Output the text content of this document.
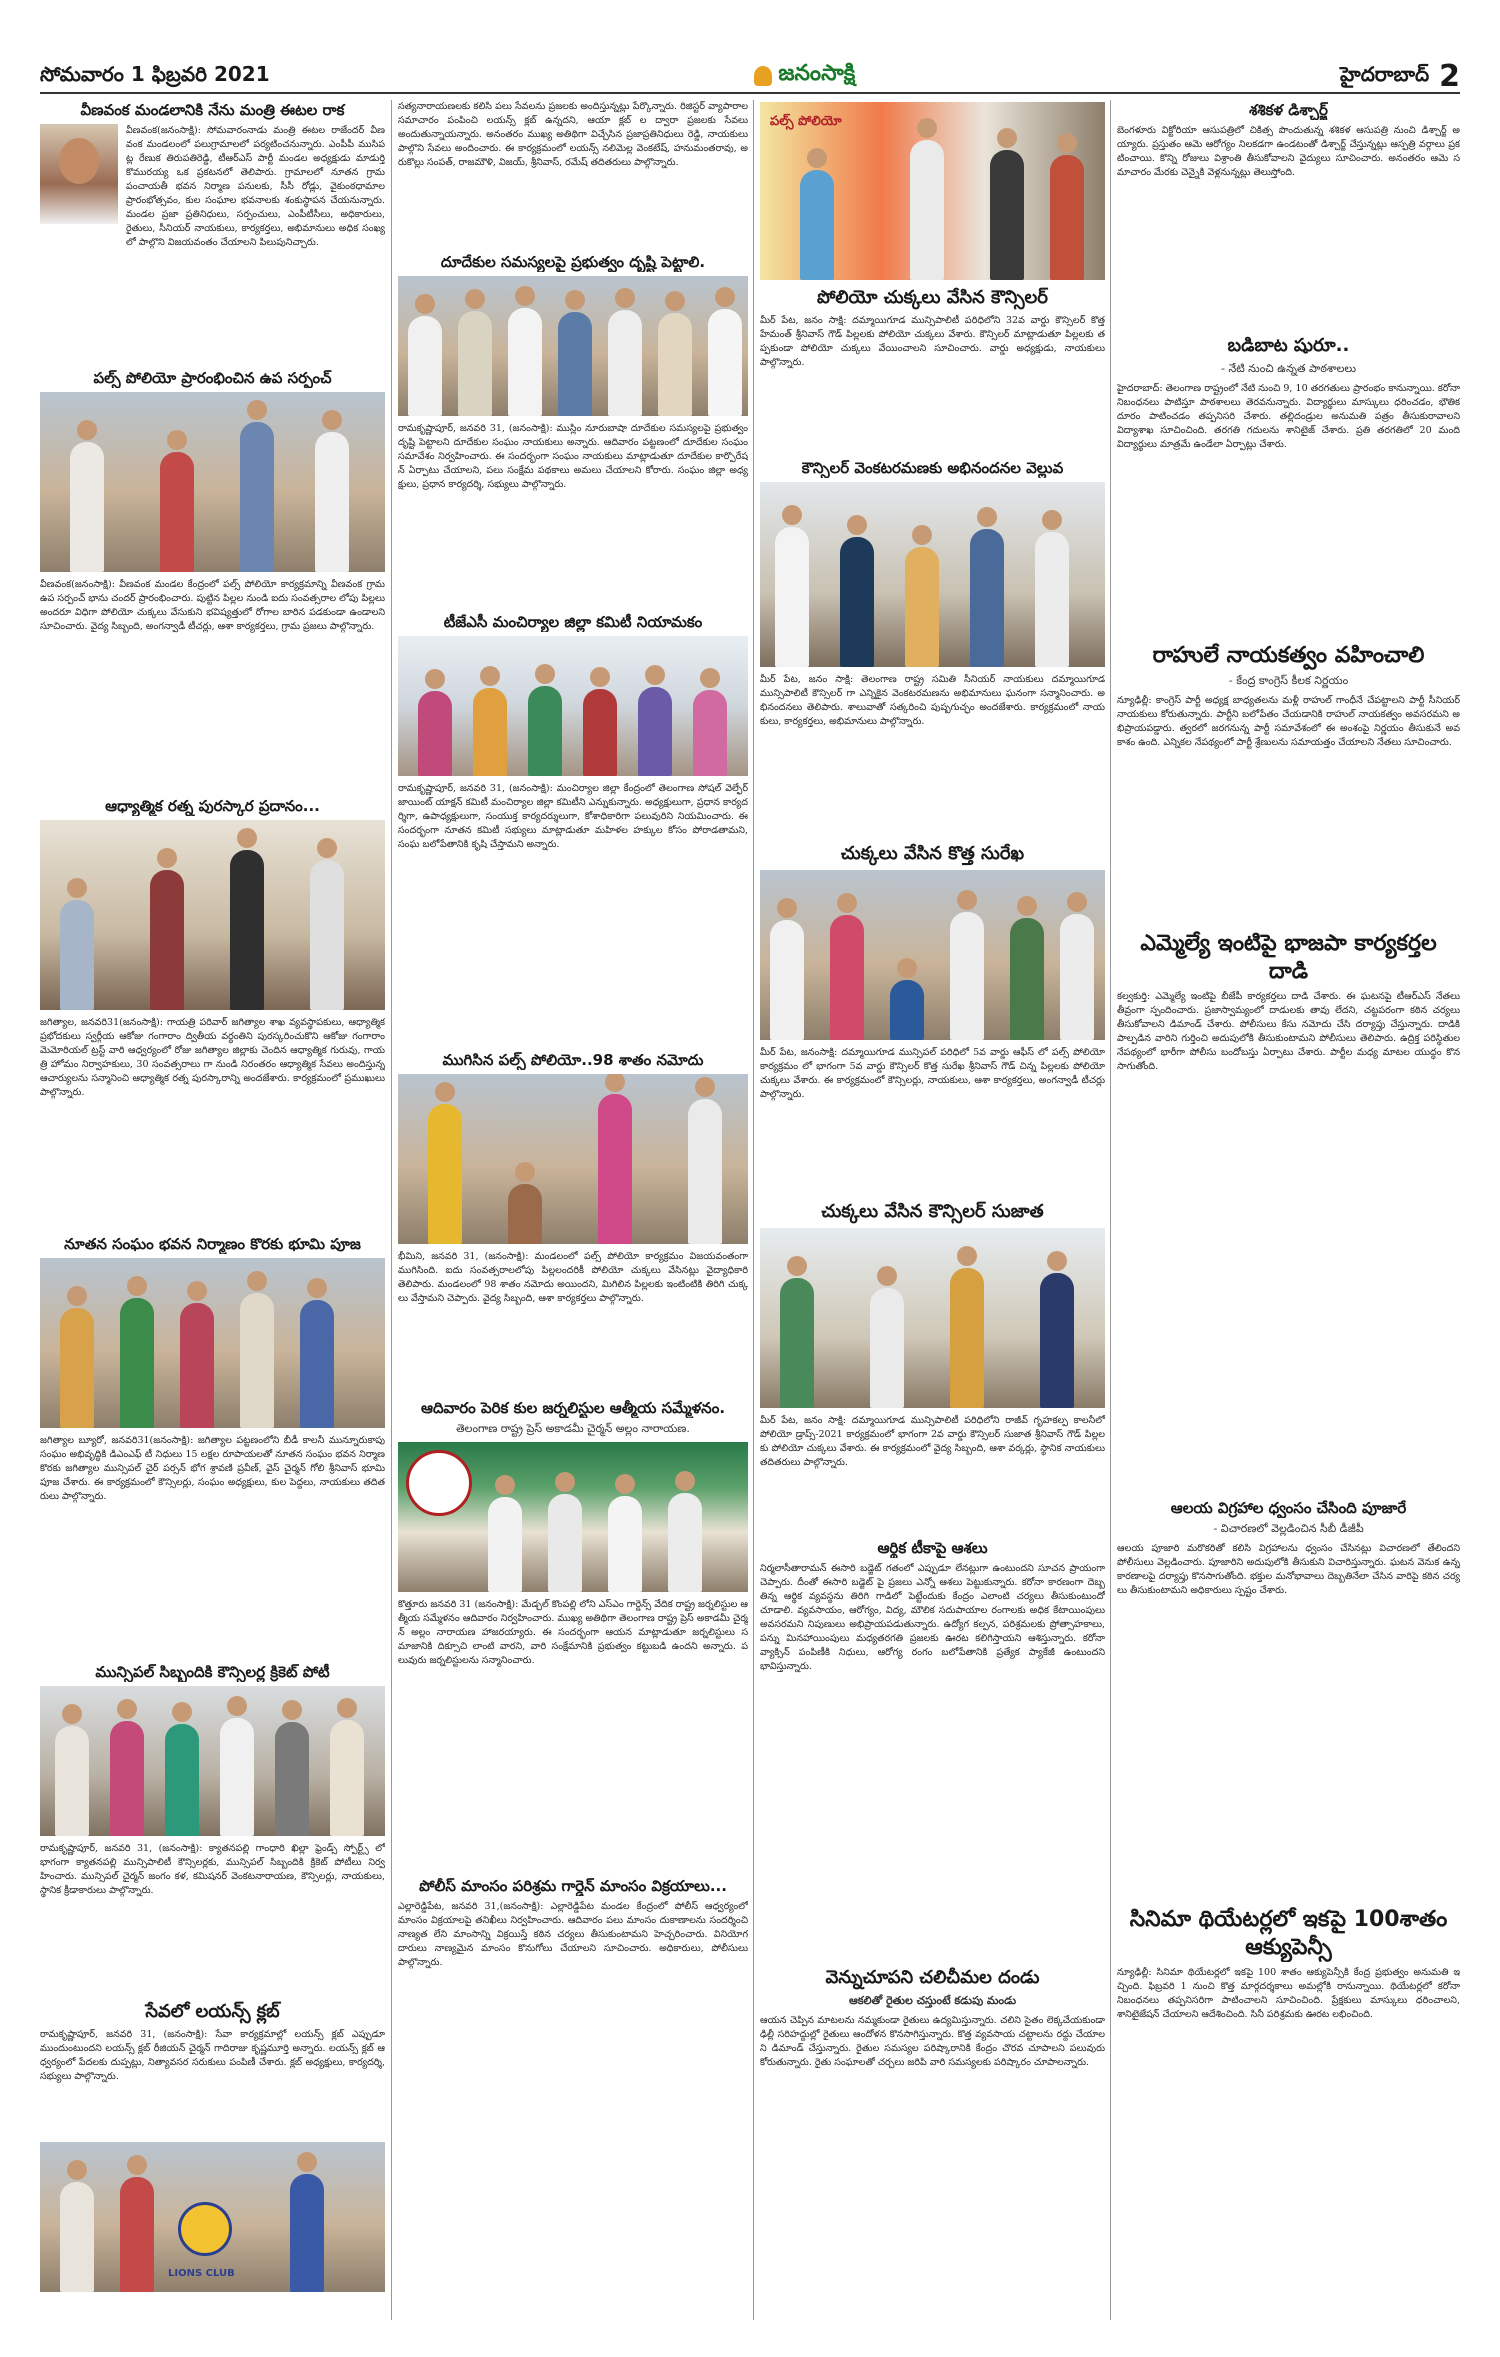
సోమవారం 1 ఫిబ్రవరి 2021	జనంసాక్షి	హైదరాబాద్ 2
వీణవంక మండలానికి నేను మంత్రి ఈటల రాక

వీణవంక(జనంసాక్షి): సోమవారంనాడు మంత్రి ఈటల రాజేందర్ వీణవంక మండలంలో పలుగ్రామాలలో పర్యటించనున్నారు. ఎంపీపీ ముసిపట్ల రేణుక తిరుపతిరెడ్డి, టీఆర్ఎస్ పార్టీ మండల అధ్యక్షుడు మాడుర్తి కొమురయ్య ఒక ప్రకటనలో తెలిపారు. గ్రామాలలో నూతన గ్రామపంచాయతీ భవన నిర్మాణ పనులకు, సీసీ రోడ్లు, వైకుంఠధామాల ప్రారంభోత్సవం, కుల సంఘాల భవనాలకు శంకుస్థాపన చేయనున్నారు. మండల ప్రజా ప్రతినిధులు, సర్పంచులు, ఎంపీటీసీలు, అధికారులు, రైతులు, సీనియర్ నాయకులు, కార్యకర్తలు, అభిమానులు అధిక సంఖ్యలో పాల్గొని విజయవంతం చేయాలని పిలుపునిచ్చారు.

పల్స్ పోలియో ప్రారంభించిన ఉప సర్పంచ్

వీణవంక(జనంసాక్షి): వీణవంక మండల కేంద్రంలో పల్స్ పోలియో కార్యక్రమాన్ని వీణవంక గ్రామ ఉప సర్పంచ్ భాను చందర్ ప్రారంభించారు. పుట్టిన పిల్లల నుండి ఐదు సంవత్సరాల లోపు పిల్లలు అందరూ విధిగా పోలియో చుక్కలు వేసుకుని భవిష్యత్తులో రోగాల బారిన పడకుండా ఉండాలని సూచించారు. వైద్య సిబ్బంది, అంగన్వాడీ టీచర్లు, ఆశా కార్యకర్తలు, గ్రామ ప్రజలు పాల్గొన్నారు.

ఆధ్యాత్మిక రత్న పురస్కార ప్రదానం...

జగిత్యాల, జనవరి31(జనంసాక్షి): గాయత్రి పరివార్ జగిత్యాల శాఖ వ్యవస్థాపకులు, ఆధ్యాత్మిక ప్రభోదకులు స్వర్గీయ ఆకోజు గంగారాం ద్వితీయ వర్ధంతిని పురస్కరించుకొని ఆకోజు గంగారాం మెమోరియల్ ట్రస్ట్ వారి ఆధ్వర్యంలో రోజు జగిత్యాల జిల్లాకు చెందిన ఆధ్యాత్మిక గురువు, గాయత్రి హోమం నిర్వాహకులు, 30 సంవత్సరాలు గా నుండి నిరంతరం ఆధ్యాత్మిక సేవలు అందిస్తున్న ఆచార్యులను సన్మానించి ఆధ్యాత్మిక రత్న పురస్కారాన్ని అందజేశారు. కార్యక్రమంలో ప్రముఖులు పాల్గొన్నారు.

నూతన సంఘం భవన నిర్మాణం కొరకు భూమి పూజ

జగిత్యాల బ్యూరో, జనవరి31(జనంసాక్షి): జగిత్యాల పట్టణంలోని బీడీ కాలనీ మున్నూరుకాపు సంఘం అభివృద్ధికి డిఎంఎఫ్ టీ నిధులు 15 లక్షల రూపాయలతో నూతన సంఘం భవన నిర్మాణ కొరకు జగిత్యాల మున్సిపల్ చైర్ పర్సన్ భోగ శ్రావణి ప్రవీణ్, వైస్ చైర్మన్ గోలి శ్రీనివాస్ భూమి పూజ చేశారు. ఈ కార్యక్రమంలో కౌన్సిలర్లు, సంఘం అధ్యక్షులు, కుల పెద్దలు, నాయకులు తదితరులు పాల్గొన్నారు.

మున్సిపల్ సిబ్బందికి కౌన్సిలర్ల క్రికెట్ పోటీ

రామకృష్ణాపూర్, జనవరి 31, (జనంసాక్షి): క్యాతనపల్లి గాంధారి ఖిల్లా ఫ్రెండ్స్ స్పోర్ట్స్ లో భాగంగా క్యాతనపల్లి మున్సిపాలిటీ కౌన్సిలర్లకు, మున్సిపల్ సిబ్బందికి క్రికెట్ పోటీలు నిర్వహించారు. మున్సిపల్ చైర్మన్ జంగం కళ, కమిషనర్ వెంకటనారాయణ, కౌన్సిలర్లు, నాయకులు, స్థానిక క్రీడాకారులు పాల్గొన్నారు.

సేవలో లయన్స్ క్లబ్

రామకృష్ణాపూర్, జనవరి 31, (జనంసాక్షి): సేవా కార్యక్రమాల్లో లయన్స్ క్లబ్ ఎప్పుడూ ముందుంటుందని లయన్స్ క్లబ్ రీజియన్ చైర్మన్ గాదిరాజు కృష్ణమూర్తి అన్నారు. లయన్స్ క్లబ్ ఆధ్వర్యంలో పేదలకు దుప్పట్లు, నిత్యావసర సరుకులు పంపిణీ చేశారు. క్లబ్ అధ్యక్షులు, కార్యదర్శి, సభ్యులు పాల్గొన్నారు.

LIONS CLUB

సత్యనారాయణలకు కలిసి పలు సేవలను ప్రజలకు అందిస్తున్నట్లు పేర్కొన్నారు. రిజిస్టర్ వ్యాపారాల సమాచారం పంపించి లయన్స్ క్లబ్ ఉన్నదని, ఆయా క్లబ్ ల ద్వారా ప్రజలకు సేవలు అందుతున్నాయన్నారు. అనంతరం ముఖ్య అతిథిగా విచ్చేసిన ప్రజాప్రతినిధులు రెడ్డి, నాయకులు పాల్గొని సేవలు అందించారు. ఈ కార్యక్రమంలో లయన్స్ నలిమెల్ల వెంకటేష్, హనుమంతరావు, అరుకొల్లు సంపత్, రాజమౌళి, విజయ్, శ్రీనివాస్, రమేష్ తదితరులు పాల్గొన్నారు.

దూదేకుల సమస్యలపై ప్రభుత్వం దృష్టి పెట్టాలి.

రామకృష్ణాపూర్, జనవరి 31, (జనంసాక్షి): ముస్లిం నూరుబాషా దూదేకుల సమస్యలపై ప్రభుత్వం దృష్టి పెట్టాలని దూదేకుల సంఘం నాయకులు అన్నారు. ఆదివారం పట్టణంలో దూదేకుల సంఘం సమావేశం నిర్వహించారు. ఈ సందర్భంగా సంఘం నాయకులు మాట్లాడుతూ దూదేకుల కార్పొరేషన్ ఏర్పాటు చేయాలని, పలు సంక్షేమ పథకాలు అమలు చేయాలని కోరారు. సంఘం జిల్లా అధ్యక్షులు, ప్రధాన కార్యదర్శి, సభ్యులు పాల్గొన్నారు.

టీజేఎసీ మంచిర్యాల జిల్లా కమిటీ నియామకం

రామకృష్ణాపూర్, జనవరి 31, (జనంసాక్షి): మంచిర్యాల జిల్లా కేంద్రంలో తెలంగాణ సోషల్ వెల్ఫేర్ జాయింట్ యాక్షన్ కమిటీ మంచిర్యాల జిల్లా కమిటీని ఎన్నుకున్నారు. అధ్యక్షులుగా, ప్రధాన కార్యదర్శిగా, ఉపాధ్యక్షులుగా, సంయుక్త కార్యదర్శులుగా, కోశాధికారిగా పలువురిని నియమించారు. ఈ సందర్భంగా నూతన కమిటీ సభ్యులు మాట్లాడుతూ మహిళల హక్కుల కోసం పోరాడతామని, సంఘ బలోపేతానికి కృషి చేస్తామని అన్నారు.

ముగిసిన పల్స్ పోలియో..98 శాతం నమోదు

భీమిని, జనవరి 31, (జనంసాక్షి): మండలంలో పల్స్ పోలియో కార్యక్రమం విజయవంతంగా ముగిసింది. ఐదు సంవత్సరాలలోపు పిల్లలందరికీ పోలియో చుక్కలు వేసినట్లు వైద్యాధికారి తెలిపారు. మండలంలో 98 శాతం నమోదు అయిందని, మిగిలిన పిల్లలకు ఇంటింటికి తిరిగి చుక్కలు వేస్తామని చెప్పారు. వైద్య సిబ్బంది, ఆశా కార్యకర్తలు పాల్గొన్నారు.

ఆదివారం పెరిక కుల జర్నలిస్టుల ఆత్మీయ సమ్మేళనం.

తెలంగాణ రాష్ట్ర ప్రెస్ అకాడమీ చైర్మన్ అల్లం నారాయణ.

కొత్తూరు జనవరి 31 (జనంసాక్షి): మేడ్చల్ కొంపల్లి లోని ఎస్ఎం గార్డెన్స్ వేదిక రాష్ట్ర జర్నలిస్టుల ఆత్మీయ సమ్మేళనం ఆదివారం నిర్వహించారు. ముఖ్య అతిథిగా తెలంగాణ రాష్ట్ర ప్రెస్ అకాడమీ చైర్మన్ అల్లం నారాయణ హాజరయ్యారు. ఈ సందర్భంగా ఆయన మాట్లాడుతూ జర్నలిస్టులు సమాజానికి దిక్సూచి లాంటి వారని, వారి సంక్షేమానికి ప్రభుత్వం కట్టుబడి ఉందని అన్నారు. పలువురు జర్నలిస్టులను సన్మానించారు.

పోలీస్ మాంసం పరిశ్రమ గార్డెన్ మాంసం విక్రయాలు...

ఎల్లారెడ్డిపేట, జనవరి 31,(జనంసాక్షి): ఎల్లారెడ్డిపేట మండల కేంద్రంలో పోలీస్ ఆధ్వర్యంలో మాంసం విక్రయాలపై తనిఖీలు నిర్వహించారు. ఆదివారం పలు మాంసం దుకాణాలను సందర్శించి నాణ్యత లేని మాంసాన్ని విక్రయిస్తే కఠిన చర్యలు తీసుకుంటామని హెచ్చరించారు. వినియోగదారులు నాణ్యమైన మాంసం కొనుగోలు చేయాలని సూచించారు. అధికారులు, పోలీసులు పాల్గొన్నారు.

పల్స్ పోలియో
పోలియో చుక్కలు వేసిన కౌన్సిలర్

మీర్ పేట, జనం సాక్షి: దమ్మాయిగూడ మున్సిపాలిటీ పరిధిలోని 32వ వార్డు కౌన్సిలర్ కొత్త హేమంత్ శ్రీనివాస్ గౌడ్ పిల్లలకు పోలియో చుక్కలు వేశారు. కౌన్సిలర్ మాట్లాడుతూ పిల్లలకు తప్పకుండా పోలియో చుక్కలు వేయించాలని సూచించారు. వార్డు అధ్యక్షుడు, నాయకులు పాల్గొన్నారు.

కౌన్సిలర్ వెంకటరమణకు అభినందనల వెల్లువ

మీర్ పేట, జనం సాక్షి: తెలంగాణ రాష్ట్ర సమితి సీనియర్ నాయకులు దమ్మాయిగూడ మున్సిపాలిటీ కౌన్సిలర్ గా ఎన్నికైన వెంకటరమణను అభిమానులు ఘనంగా సన్మానించారు. అభినందనలు తెలిపారు. శాలువాతో సత్కరించి పుష్పగుచ్ఛం అందజేశారు. కార్యక్రమంలో నాయకులు, కార్యకర్తలు, అభిమానులు పాల్గొన్నారు.

చుక్కలు వేసిన కొత్త సురేఖ

మీర్ పేట, జనంసాక్షి: దమ్మాయిగూడ మున్సిపల్ పరిధిలో 5వ వార్డు ఆఫీస్ లో పల్స్ పోలియో కార్యక్రమం లో భాగంగా 5వ వార్డు కౌన్సిలర్ కొత్త సురేఖ శ్రీనివాస్ గౌడ్ చిన్న పిల్లలకు పోలియో చుక్కలు వేశారు. ఈ కార్యక్రమంలో కౌన్సిలర్లు, నాయకులు, ఆశా కార్యకర్తలు, అంగన్వాడీ టీచర్లు పాల్గొన్నారు.

చుక్కలు వేసిన కౌన్సిలర్ సుజాత

మీర్ పేట, జనం సాక్షి: దమ్మాయిగూడ మున్సిపాలిటీ పరిధిలోని రాజీవ్ గృహకల్ప కాలనీలో పోలియో డ్రాప్స్-2021 కార్యక్రమంలో భాగంగా 2వ వార్డు కౌన్సిలర్ సుజాత శ్రీనివాస్ గౌడ్ పిల్లలకు పోలియో చుక్కలు వేశారు. ఈ కార్యక్రమంలో వైద్య సిబ్బంది, ఆశా వర్కర్లు, స్థానిక నాయకులు తదితరులు పాల్గొన్నారు.

ఆర్థిక టీకాపై ఆశలు

నిర్మలాసీతారామన్ ఈసారి బడ్జెట్ గతంలో ఎప్పుడూ లేనట్లుగా ఉంటుందని సూచన ప్రాయంగా చెప్పారు. దీంతో ఈసారి బడ్జెట్ పై ప్రజలు ఎన్నో ఆశలు పెట్టుకున్నారు. కరోనా కారణంగా దెబ్బతిన్న ఆర్థిక వ్యవస్థను తిరిగి గాడిలో పెట్టేందుకు కేంద్రం ఎలాంటి చర్యలు తీసుకుంటుందో చూడాలి. వ్యవసాయం, ఆరోగ్యం, విద్య, మౌలిక సదుపాయాల రంగాలకు అధిక కేటాయింపులు అవసరమని నిపుణులు అభిప్రాయపడుతున్నారు. ఉద్యోగ కల్పన, పరిశ్రమలకు ప్రోత్సాహకాలు, పన్ను మినహాయింపులు మధ్యతరగతి ప్రజలకు ఊరట కలిగిస్తాయని ఆశిస్తున్నారు. కరోనా వ్యాక్సిన్ పంపిణీకి నిధులు, ఆరోగ్య రంగం బలోపేతానికి ప్రత్యేక ప్యాకేజీ ఉంటుందని భావిస్తున్నారు.

వెన్నుచూపని చలిచీమల దండు

ఆకలితో రైతుల చస్తుంటే కడుపు మండు

ఆయన చెప్పిన మాటలను నమ్మకుండా రైతులు ఉద్యమిస్తున్నారు. చలిని సైతం లెక్కచేయకుండా ఢిల్లీ సరిహద్దుల్లో రైతులు ఆందోళన కొనసాగిస్తున్నారు. కొత్త వ్యవసాయ చట్టాలను రద్దు చేయాలని డిమాండ్ చేస్తున్నారు. రైతుల సమస్యల పరిష్కారానికి కేంద్రం చొరవ చూపాలని పలువురు కోరుతున్నారు. రైతు సంఘాలతో చర్చలు జరిపి వారి సమస్యలకు పరిష్కారం చూపాలన్నారు.

శశికళ డిశ్చార్జ్

బెంగళూరు విక్టోరియా ఆసుపత్రిలో చికిత్స పొందుతున్న శశికళ ఆసుపత్రి నుంచి డిశ్చార్జ్ అయ్యారు. ప్రస్తుతం ఆమె ఆరోగ్యం నిలకడగా ఉండటంతో డిశ్చార్జ్ చేస్తున్నట్లు ఆస్పత్రి వర్గాలు ప్రకటించాయి. కొన్ని రోజులు విశ్రాంతి తీసుకోవాలని వైద్యులు సూచించారు. అనంతరం ఆమె సమాచారం మేరకు చెన్నైకి వెళ్లనున్నట్లు తెలుస్తోంది.

బడిబాట షురూ..

- నేటి నుంచి ఉన్నత పాఠశాలలు

హైదరాబాద్: తెలంగాణ రాష్ట్రంలో నేటి నుంచి 9, 10 తరగతులు ప్రారంభం కానున్నాయి. కరోనా నిబంధనలు పాటిస్తూ పాఠశాలలు తెరవనున్నారు. విద్యార్థులు మాస్కులు ధరించడం, భౌతిక దూరం పాటించడం తప్పనిసరి చేశారు. తల్లిదండ్రుల అనుమతి పత్రం తీసుకురావాలని విద్యాశాఖ సూచించింది. తరగతి గదులను శానిటైజ్ చేశారు. ప్రతి తరగతిలో 20 మంది విద్యార్థులు మాత్రమే ఉండేలా ఏర్పాట్లు చేశారు.

రాహులే నాయకత్వం వహించాలి

- కేంద్ర కాంగ్రెస్ కీలక నిర్ణయం

న్యూఢిల్లీ: కాంగ్రెస్ పార్టీ అధ్యక్ష బాధ్యతలను మళ్లీ రాహుల్ గాంధీనే చేపట్టాలని పార్టీ సీనియర్ నాయకులు కోరుతున్నారు. పార్టీని బలోపేతం చేయడానికి రాహుల్ నాయకత్వం అవసరమని అభిప్రాయపడ్డారు. త్వరలో జరగనున్న పార్టీ సమావేశంలో ఈ అంశంపై నిర్ణయం తీసుకునే అవకాశం ఉంది. ఎన్నికల నేపథ్యంలో పార్టీ శ్రేణులను సమాయత్తం చేయాలని నేతలు సూచించారు.

ఎమ్మెల్యే ఇంటిపై భాజపా కార్యకర్తల దాడి

కల్వకుర్తి: ఎమ్మెల్యే ఇంటిపై బీజేపీ కార్యకర్తలు దాడి చేశారు. ఈ ఘటనపై టీఆర్ఎస్ నేతలు తీవ్రంగా స్పందించారు. ప్రజాస్వామ్యంలో దాడులకు తావు లేదని, చట్టపరంగా కఠిన చర్యలు తీసుకోవాలని డిమాండ్ చేశారు. పోలీసులు కేసు నమోదు చేసి దర్యాప్తు చేస్తున్నారు. దాడికి పాల్పడిన వారిని గుర్తించి అదుపులోకి తీసుకుంటామని పోలీసులు తెలిపారు. ఉద్రిక్త పరిస్థితుల నేపథ్యంలో భారీగా పోలీసు బందోబస్తు ఏర్పాటు చేశారు. పార్టీల మధ్య మాటల యుద్ధం కొనసాగుతోంది.

ఆలయ విగ్రహాల ధ్వంసం చేసింది పూజారే

- విచారణలో వెల్లడించిన సీబీ డీజీపీ

ఆలయ పూజారి మరొకరితో కలిసి విగ్రహాలను ధ్వంసం చేసినట్లు విచారణలో తేలిందని పోలీసులు వెల్లడించారు. పూజారిని అదుపులోకి తీసుకుని విచారిస్తున్నారు. ఘటన వెనుక ఉన్న కారణాలపై దర్యాప్తు కొనసాగుతోంది. భక్తుల మనోభావాలు దెబ్బతినేలా చేసిన వారిపై కఠిన చర్యలు తీసుకుంటామని అధికారులు స్పష్టం చేశారు.

సినిమా థియేటర్లలో ఇకపై 100శాతం ఆక్యుపెన్సీ

న్యూఢిల్లీ: సినిమా థియేటర్లలో ఇకపై 100 శాతం ఆక్యుపెన్సీకి కేంద్ర ప్రభుత్వం అనుమతి ఇచ్చింది. ఫిబ్రవరి 1 నుంచి కొత్త మార్గదర్శకాలు అమల్లోకి రానున్నాయి. థియేటర్లలో కరోనా నిబంధనలు తప్పనిసరిగా పాటించాలని సూచించింది. ప్రేక్షకులు మాస్కులు ధరించాలని, శానిటైజేషన్ చేయాలని ఆదేశించింది. సినీ పరిశ్రమకు ఊరట లభించింది.
